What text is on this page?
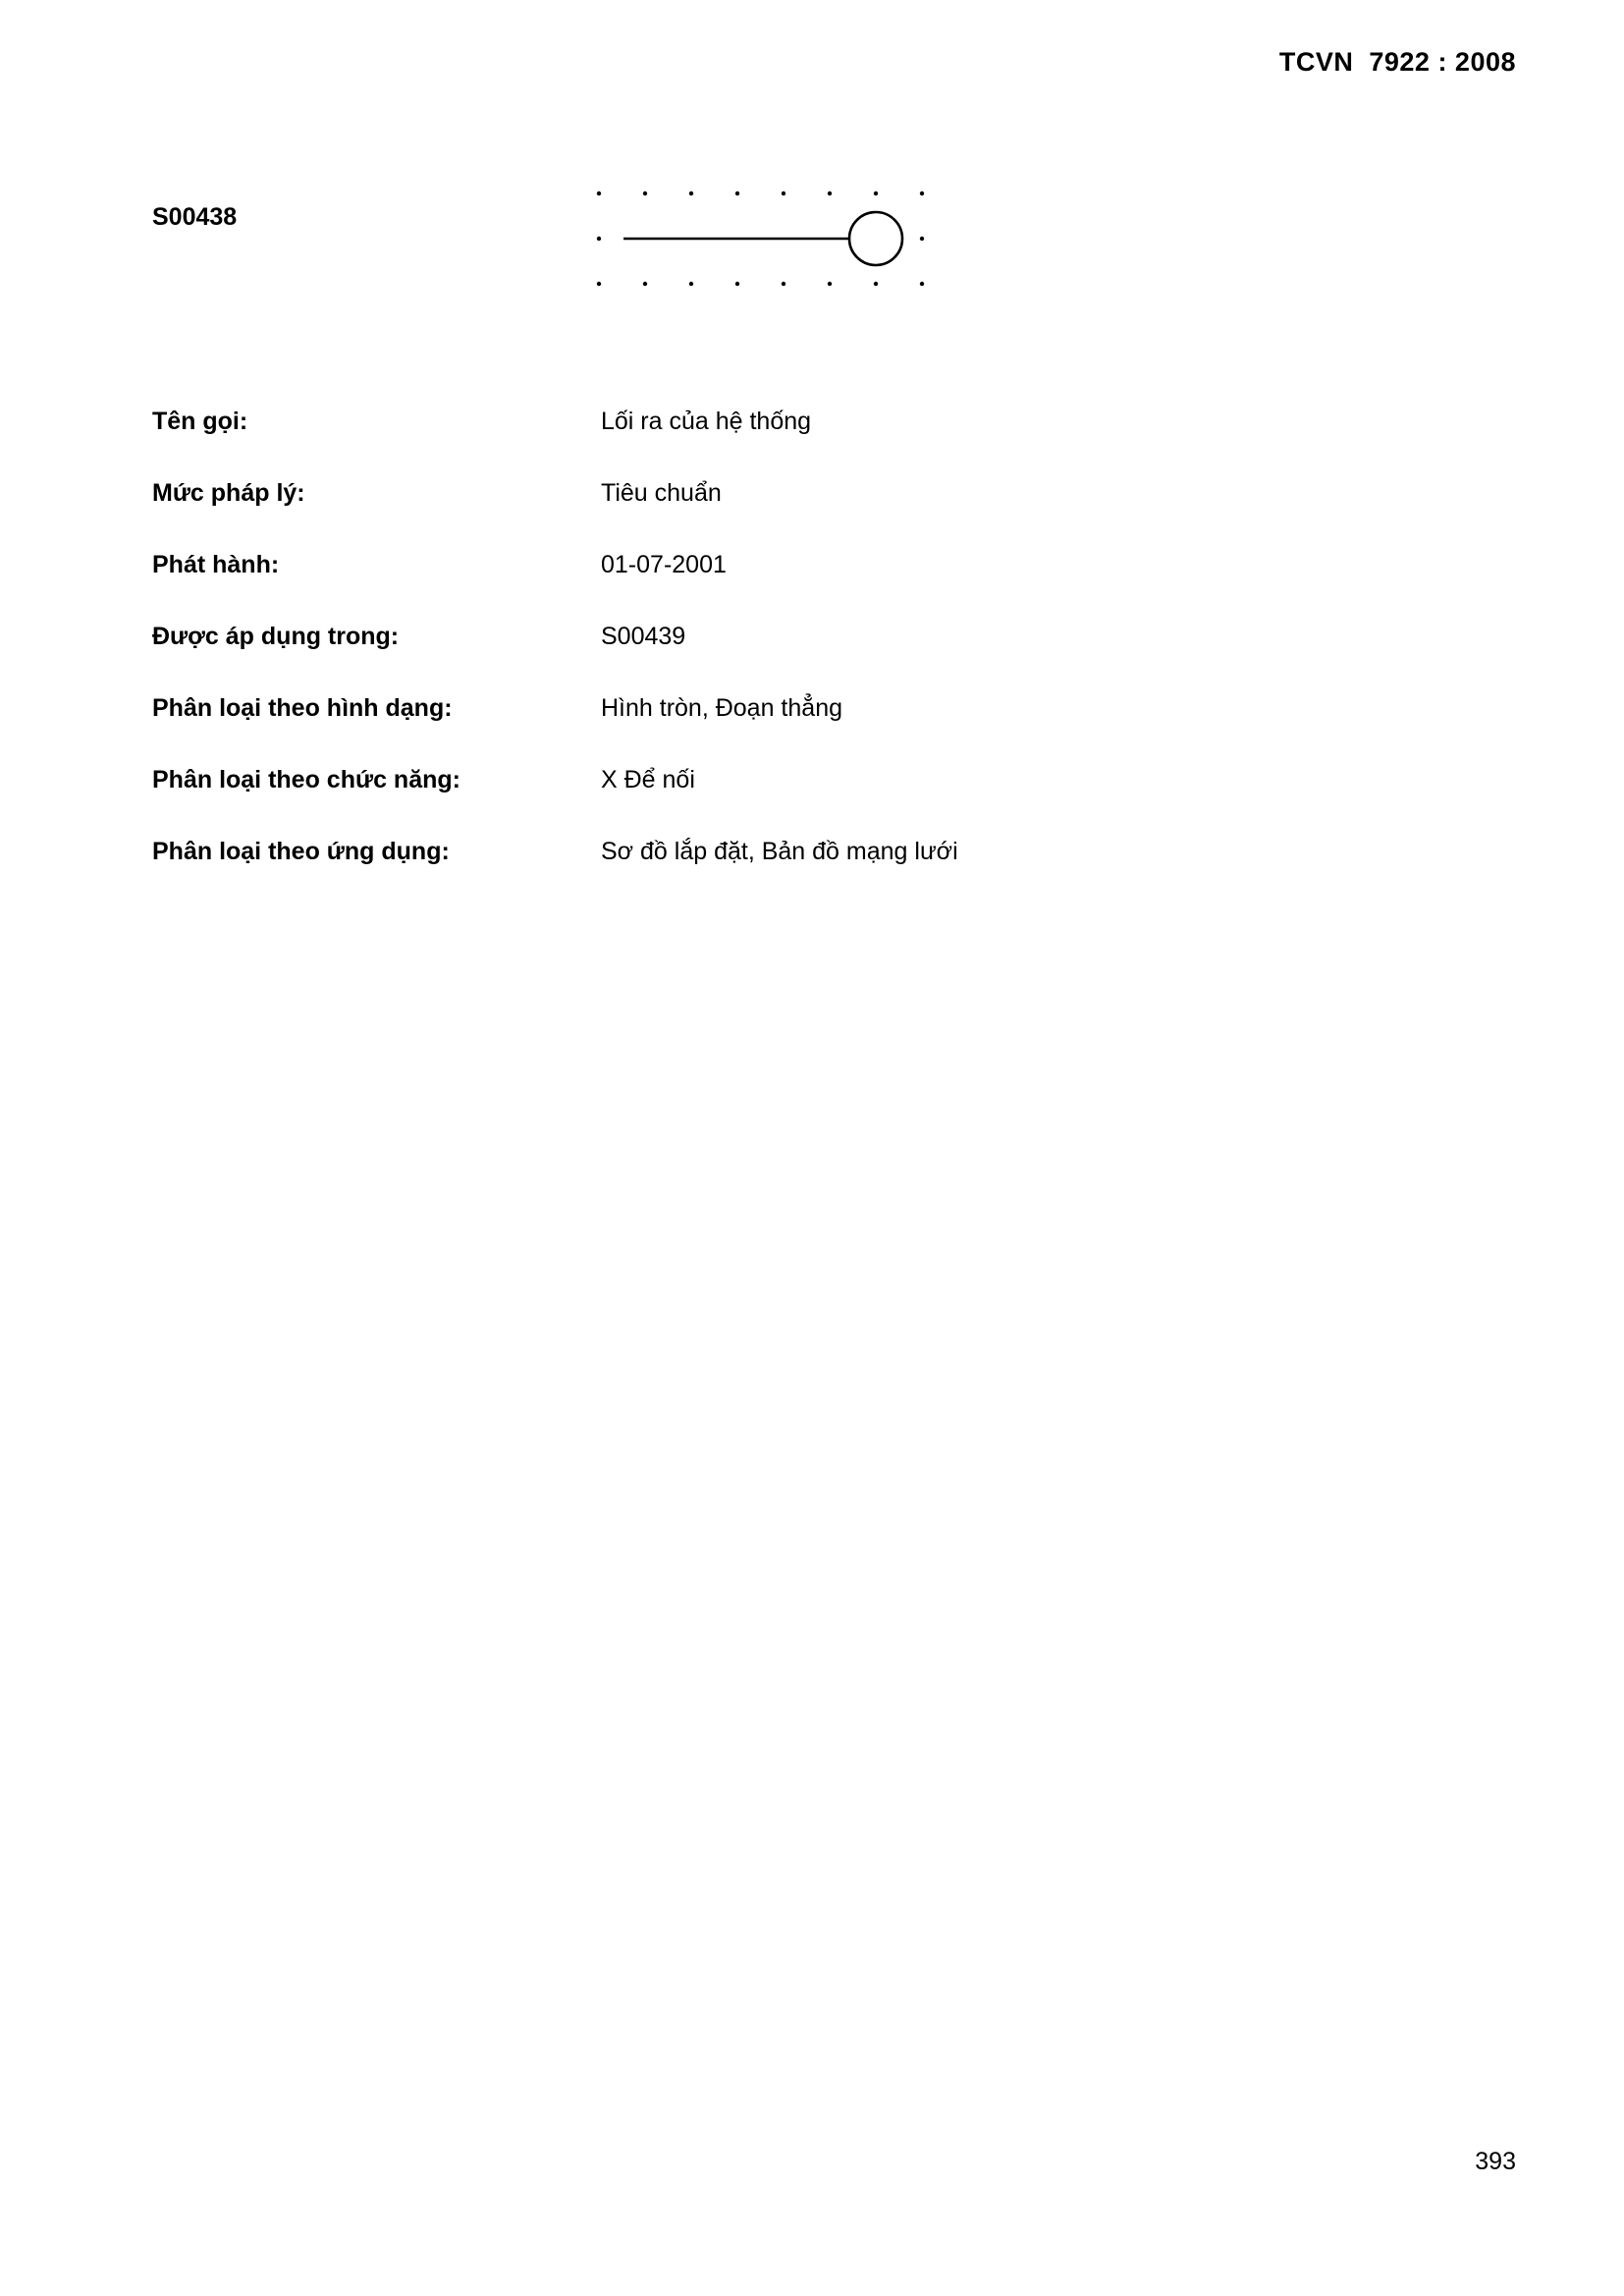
TCVN  7922 : 2008
S00438
Tên gọi:	Lối ra của hệ thống
Mức pháp lý:	Tiêu chuẩn
Phát hành:	01-07-2001
Được áp dụng trong:	S00439
Phân loại theo hình dạng:	Hình tròn, Đoạn thẳng
Phân loại theo chức năng:	X Để nối
Phân loại theo ứng dụng:	Sơ đồ lắp đặt, Bản đồ mạng lưới
393
